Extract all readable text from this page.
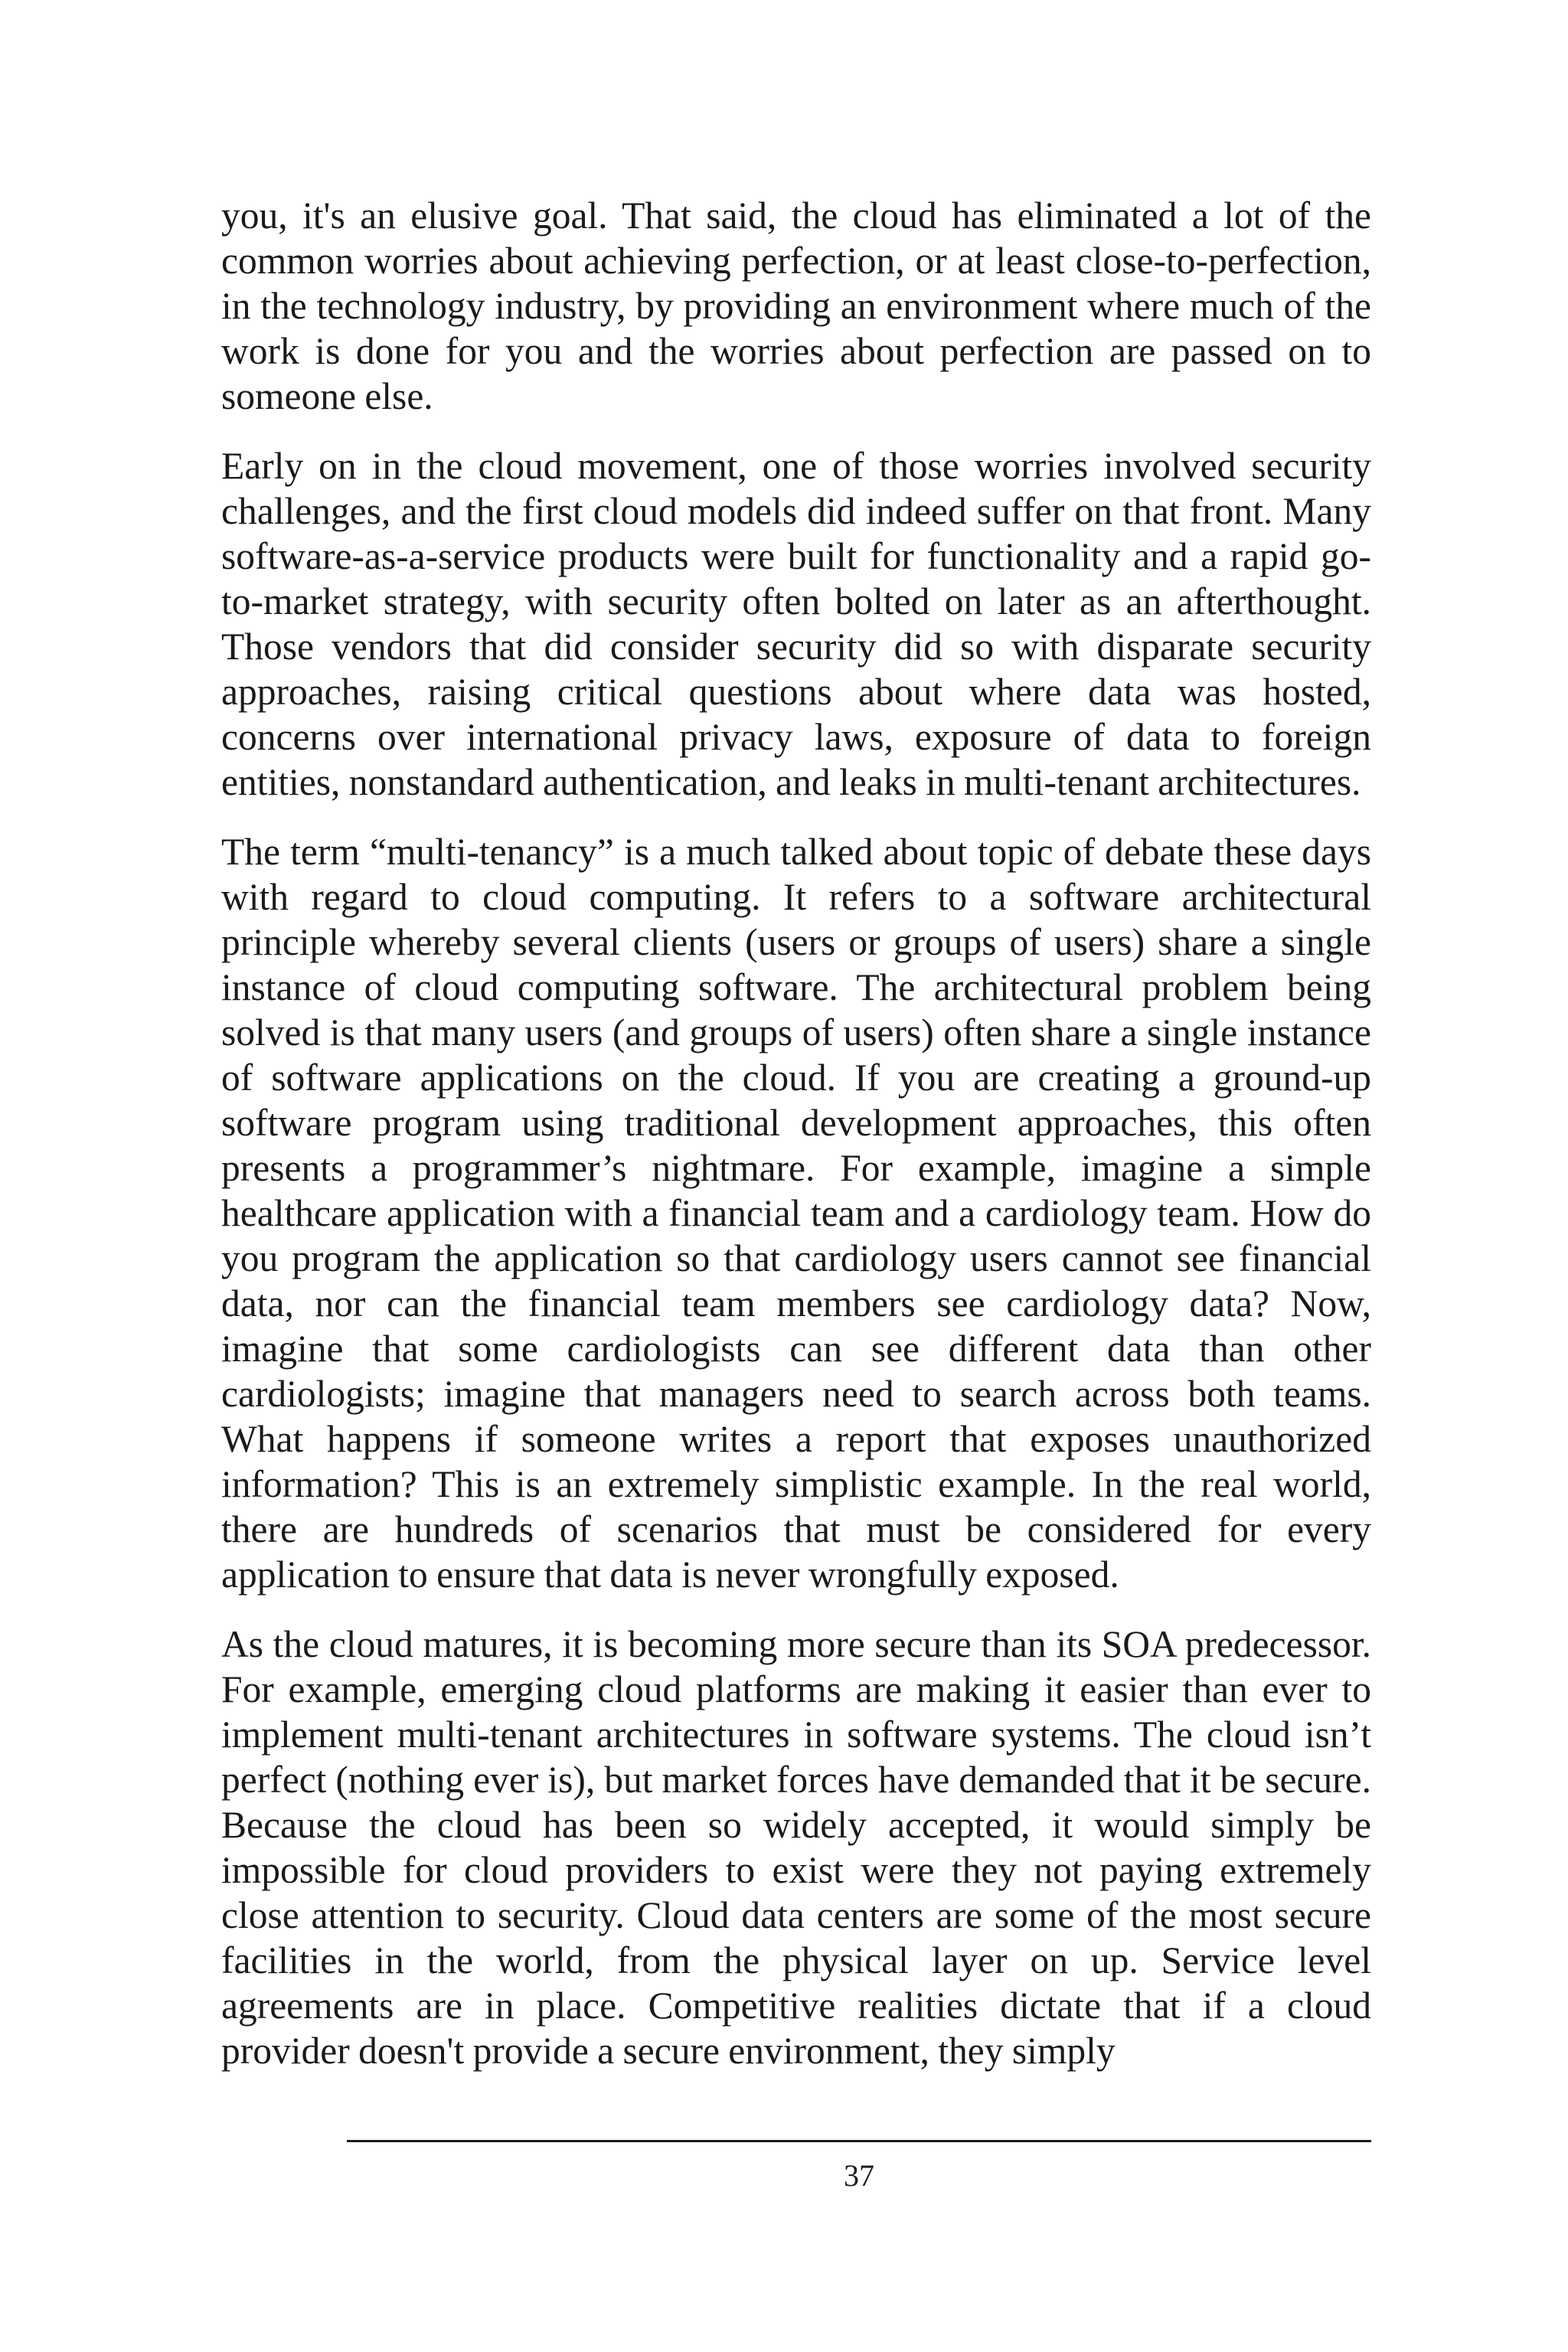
you, it's an elusive goal. That said, the cloud has eliminated a lot of the common worries about achieving perfection, or at least close-to-perfection, in the technology industry, by providing an environment where much of the work is done for you and the worries about perfection are passed on to someone else.

Early on in the cloud movement, one of those worries involved security challenges, and the first cloud models did indeed suffer on that front. Many software-as-a-service products were built for functionality and a rapid go-to-market strategy, with security often bolted on later as an afterthought. Those vendors that did consider security did so with disparate security approaches, raising critical questions about where data was hosted, concerns over international privacy laws, exposure of data to foreign entities, nonstandard authentication, and leaks in multi-tenant architectures.

The term “multi-tenancy” is a much talked about topic of debate these days with regard to cloud computing. It refers to a software architectural principle whereby several clients (users or groups of users) share a single instance of cloud computing software. The architectural problem being solved is that many users (and groups of users) often share a single instance of software applications on the cloud. If you are creating a ground-up software program using traditional development approaches, this often presents a programmer’s nightmare. For example, imagine a simple healthcare application with a financial team and a cardiology team. How do you program the application so that cardiology users cannot see financial data, nor can the financial team members see cardiology data? Now, imagine that some cardiologists can see different data than other cardiologists; imagine that managers need to search across both teams. What happens if someone writes a report that exposes unauthorized information? This is an extremely simplistic example. In the real world, there are hundreds of scenarios that must be considered for every application to ensure that data is never wrongfully exposed.

As the cloud matures, it is becoming more secure than its SOA predecessor. For example, emerging cloud platforms are making it easier than ever to implement multi-tenant architectures in software systems. The cloud isn’t perfect (nothing ever is), but market forces have demanded that it be secure. Because the cloud has been so widely accepted, it would simply be impossible for cloud providers to exist were they not paying extremely close attention to security. Cloud data centers are some of the most secure facilities in the world, from the physical layer on up. Service level agreements are in place. Competitive realities dictate that if a cloud provider doesn't provide a secure environment, they simply

37
